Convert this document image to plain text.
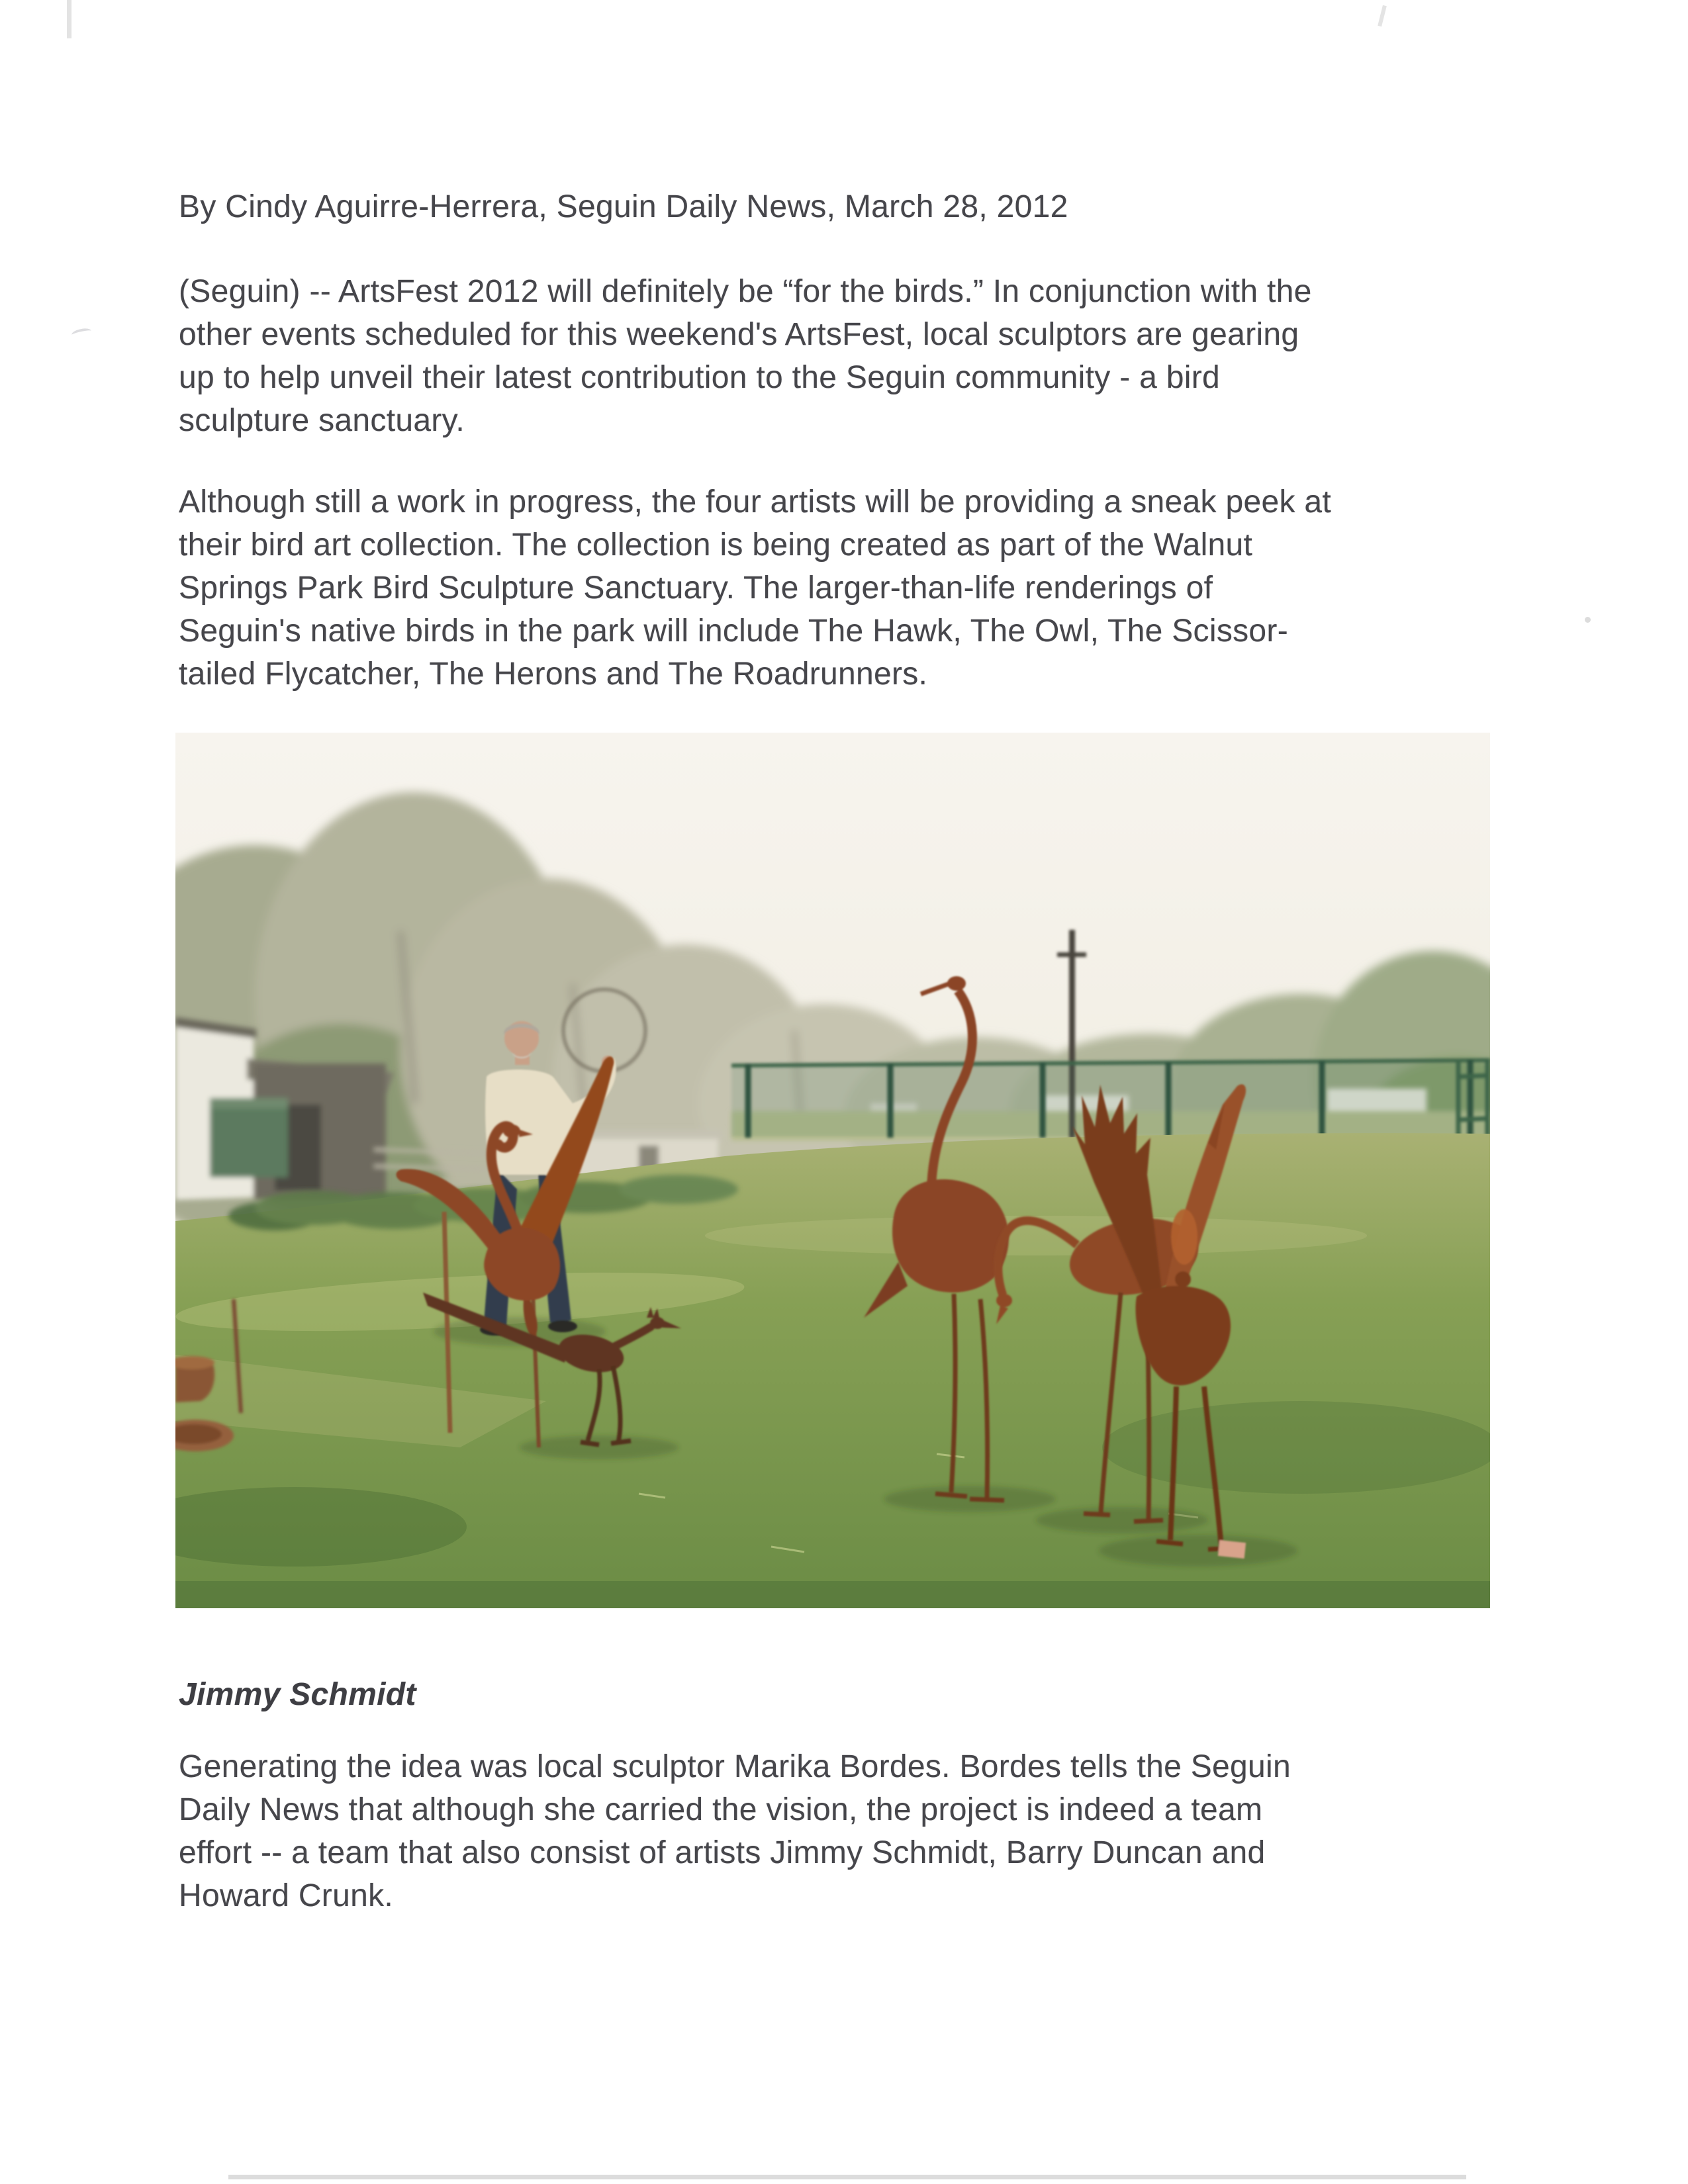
By Cindy Aguirre-Herrera, Seguin Daily News, March 28, 2012
(Seguin) -- ArtsFest 2012 will definitely be “for the birds.” In conjunction with the
other events scheduled for this weekend's ArtsFest, local sculptors are gearing
up to help unveil their latest contribution to the Seguin community - a bird
sculpture sanctuary.
Although still a work in progress, the four artists will be providing a sneak peek at
their bird art collection. The collection is being created as part of the Walnut
Springs Park Bird Sculpture Sanctuary. The larger-than-life renderings of
Seguin's native birds in the park will include The Hawk, The Owl, The Scissor-
tailed Flycatcher, The Herons and The Roadrunners.
Jimmy Schmidt
Generating the idea was local sculptor Marika Bordes. Bordes tells the Seguin
Daily News that although she carried the vision, the project is indeed a team
effort -- a team that also consist of artists Jimmy Schmidt, Barry Duncan and
Howard Crunk.
